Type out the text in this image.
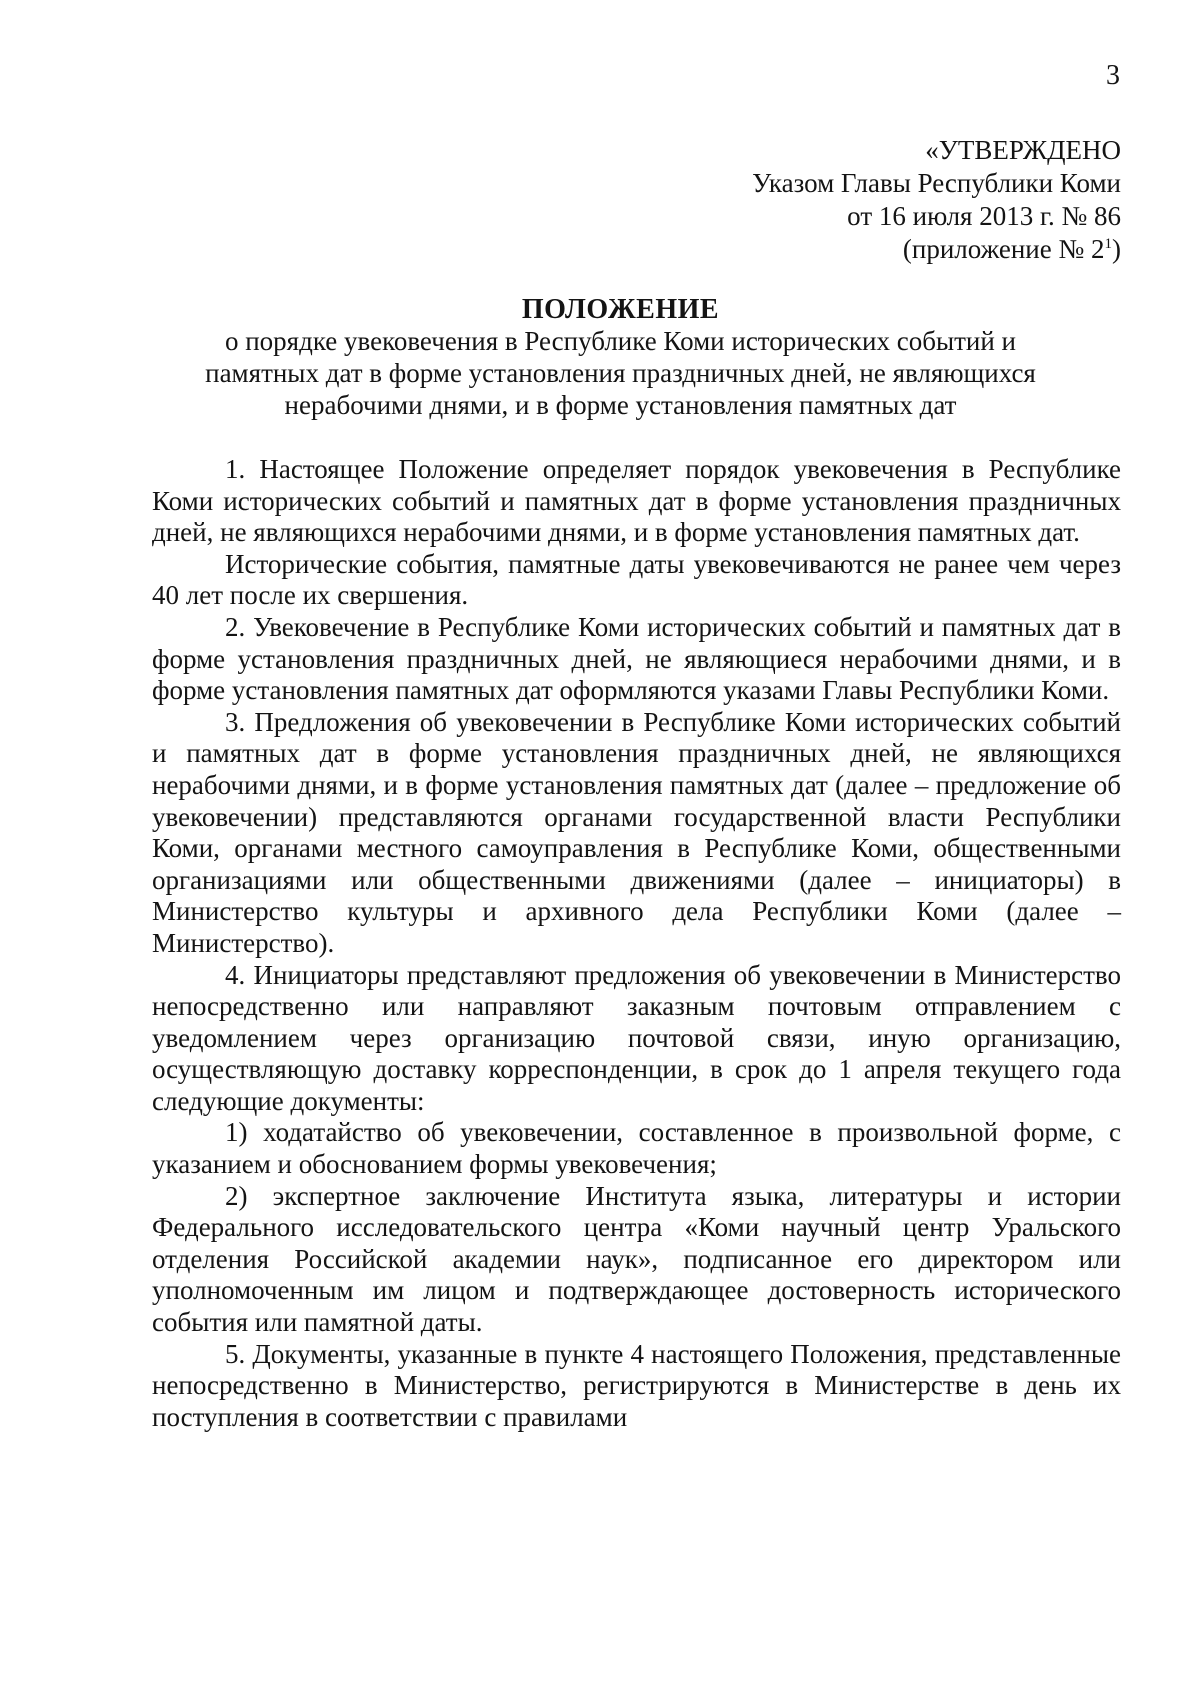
3
«УТВЕРЖДЕНО
Указом Главы Республики Коми
от 16 июля 2013 г. № 86
(приложение № $2^1$)
ПОЛОЖЕНИЕ
о порядке увековечения в Республике Коми исторических событий и
памятных дат в форме установления праздничных дней, не являющихся
нерабочими днями, и в форме установления памятных дат

1. Настоящее Положение определяет порядок увековечения в Республике Коми исторических событий и памятных дат в форме установления праздничных дней, не являющихся нерабочими днями, и в форме установления памятных дат.

Исторические события, памятные даты увековечиваются не ранее чем через 40 лет после их свершения.

2. Увековечение в Республике Коми исторических событий и памятных дат в форме установления праздничных дней, не являющиеся нерабочими днями, и в форме установления памятных дат оформляются указами Главы Республики Коми.

3. Предложения об увековечении в Республике Коми исторических событий и памятных дат в форме установления праздничных дней, не являющихся нерабочими днями, и в форме установления памятных дат (далее – предложение об увековечении) представляются органами государственной власти Республики Коми, органами местного самоуправления в Республике Коми, общественными организациями или общественными движениями (далее – инициаторы) в Министерство культуры и архивного дела Республики Коми (далее – Министерство).

4. Инициаторы представляют предложения об увековечении в Министерство непосредственно или направляют заказным почтовым отправлением с уведомлением через организацию почтовой связи, иную организацию, осуществляющую доставку корреспонденции, в срок до 1 апреля текущего года следующие документы:

1) ходатайство об увековечении, составленное в произвольной форме, с указанием и обоснованием формы увековечения;

2) экспертное заключение Института языка, литературы и истории Федерального исследовательского центра «Коми научный центр Уральского отделения Российской академии наук», подписанное его директором или уполномоченным им лицом и подтверждающее достоверность исторического события или памятной даты.

5. Документы, указанные в пункте 4 настоящего Положения, представленные непосредственно в Министерство, регистрируются в Министерстве в день их поступления в соответствии с правилами
